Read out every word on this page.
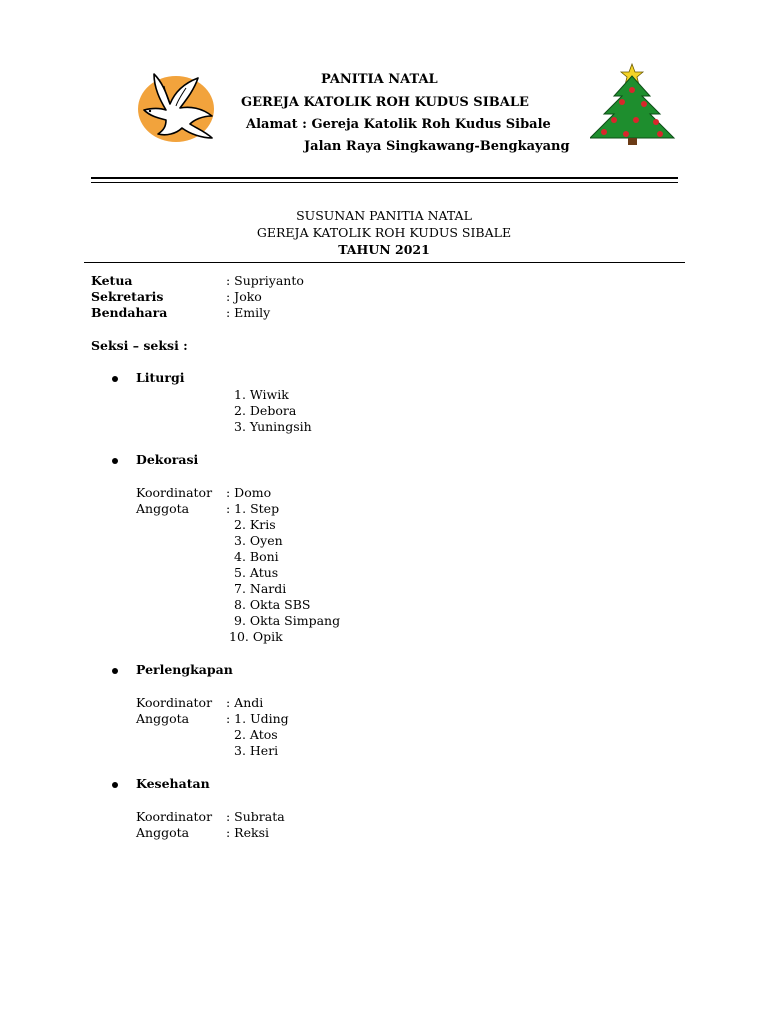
PANITIA NATAL
GEREJA KATOLIK ROH KUDUS SIBALE
Alamat : Gereja Katolik Roh Kudus Sibale
Jalan Raya Singkawang-Bengkayang
SUSUNAN PANITIA NATAL
GEREJA KATOLIK ROH KUDUS SIBALE
TAHUN 2021
Ketua	: Supriyanto
Sekretaris	: Joko
Bendahara	: Emily
Seksi – seksi :
Liturgi
1. Wiwik
2. Debora
3. Yuningsih
Dekorasi
Koordinator : Domo
Anggota	: 1. Step
2. Kris
3. Oyen
4. Boni
5. Atus
7. Nardi
8. Okta SBS
9. Okta Simpang
10. Opik
Perlengkapan
Koordinator : Andi
Anggota	: 1. Uding
2. Atos
3. Heri
Kesehatan
Koordinator : Subrata
Anggota	: Reksi
